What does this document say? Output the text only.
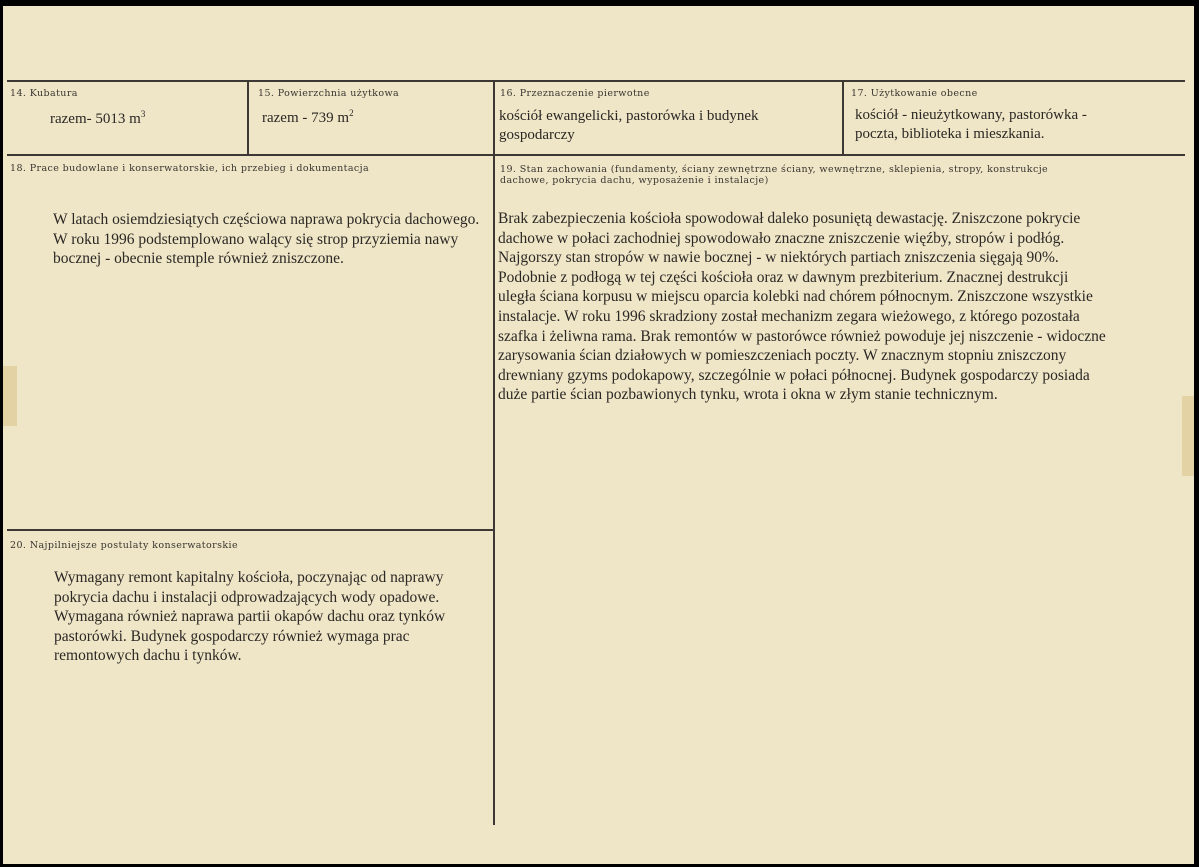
14. Kubatura
razem- 5013 $m^3$
15. Powierzchnia użytkowa
razem - 739 $m^2$
16. Przeznaczenie pierwotne
kościół ewangelicki, pastorówka i budynek gospodarczy
17. Użytkowanie obecne
kościół - nieużytkowany, pastorówka - poczta, biblioteka i mieszkania.
18. Prace budowlane i konserwatorskie, ich przebieg i dokumentacja
W latach osiemdziesiątych częściowa naprawa pokrycia dachowego. W roku 1996 podstemplowano walący się strop przyziemia nawy bocznej - obecnie stemple również zniszczone.
19. Stan zachowania (fundamenty, ściany zewnętrzne ściany, wewnętrzne, sklepienia, stropy, konstrukcje dachowe, pokrycia dachu, wyposażenie i instalacje)
Brak zabezpieczenia kościoła spowodował daleko posuniętą dewastację. Zniszczone pokrycie dachowe w połaci zachodniej spowodowało znaczne zniszczenie więźby, stropów i podłóg. Najgorszy stan stropów w nawie bocznej - w niektórych partiach zniszczenia sięgają 90%. Podobnie z podłogą w tej części kościoła oraz w dawnym prezbiterium. Znacznej destrukcji uległa ściana korpusu w miejscu oparcia kolebki nad chórem północnym. Zniszczone wszystkie instalacje. W roku 1996 skradziony został mechanizm zegara wieżowego, z którego pozostała szafka i żeliwna rama. Brak remontów w pastorówce również powoduje jej niszczenie - widoczne zarysowania ścian działowych w pomieszczeniach poczty. W znacznym stopniu zniszczony drewniany gzyms podokapowy, szczególnie w połaci północnej. Budynek gospodarczy posiada duże partie ścian pozbawionych tynku, wrota i okna w złym stanie technicznym.
20. Najpilniejsze postulaty konserwatorskie
Wymagany remont kapitalny kościoła, poczynając od naprawy pokrycia dachu i instalacji odprowadzających wody opadowe. Wymagana również naprawa partii okapów dachu oraz tynków pastorówki. Budynek gospodarczy również wymaga prac remontowych dachu i tynków.
